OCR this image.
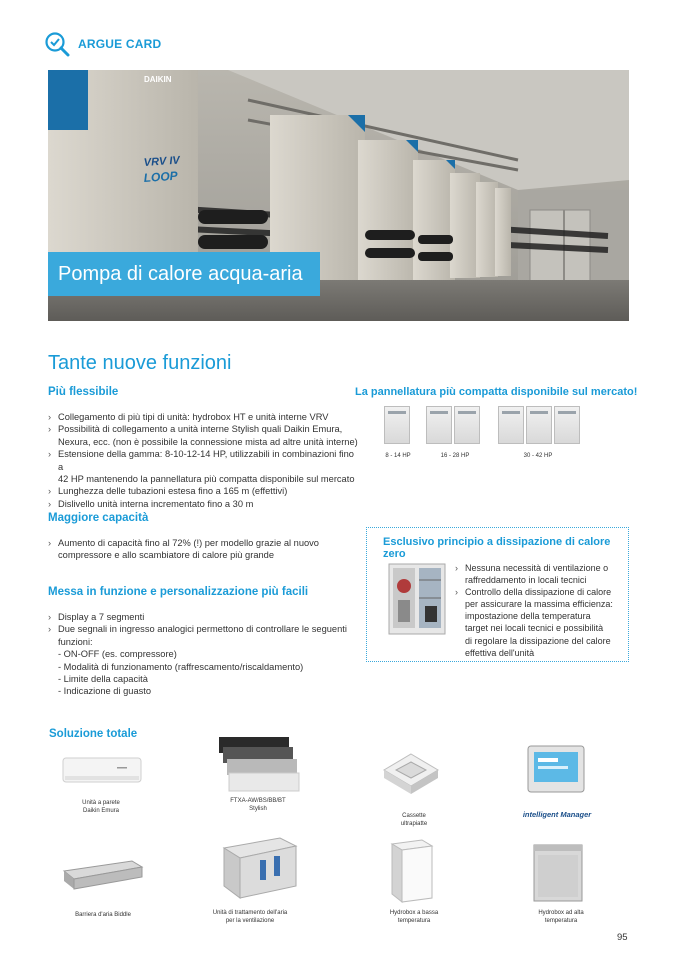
ARGUE CARD
VRV IV
LOOP
DAIKIN
Pompa di calore acqua-aria
Tante nuove funzioni
Più flessibile
› Collegamento di più tipi di unità: hydrobox HT e unità interne VRV
› Possibilità di collegamento a unità interne Stylish quali Daikin Emura,
Nexura, ecc. (non è possibile la connessione mista ad altre unità interne)
› Estensione della gamma: 8-10-12-14 HP, utilizzabili in combinazioni fino a
42 HP mantenendo la pannellatura più compatta disponibile sul mercato
› Lunghezza delle tubazioni estesa fino a 165 m (effettivi)
› Dislivello unità interna incrementato fino a 30 m
La pannellatura più compatta disponibile sul mercato!
8 - 14 HP	16 - 28 HP	30 - 42 HP
Maggiore capacità
› Aumento di capacità fino al 72% (!) per modello grazie al nuovo
compressore e allo scambiatore di calore più grande
Messa in funzione e personalizzazione più facili
› Display a 7 segmenti
› Due segnali in ingresso analogici permettono di controllare le seguenti
funzioni:
- ON-OFF (es. compressore)
- Modalità di funzionamento (raffrescamento/riscaldamento)
- Limite della capacità
- Indicazione di guasto
Esclusivo principio a dissipazione di calore zero
› Nessuna necessità di ventilazione o
raffreddamento in locali tecnici
› Controllo della dissipazione di calore
per assicurare la massima efficienza:
impostazione della temperatura
target nei locali tecnici e possibilità
di regolare la dissipazione del calore
effettiva dell'unità
Soluzione totale
Unità a parete
Daikin Emura
FTXA-AW/BS/BB/BT
Stylish
Cassette
ultrapiatte
intelligent Manager
Barriera d'aria Biddle	Unità di trattamento dell'aria
per la ventilazione
Hydrobox a bassa
temperatura
Hydrobox ad alta
temperatura
95
